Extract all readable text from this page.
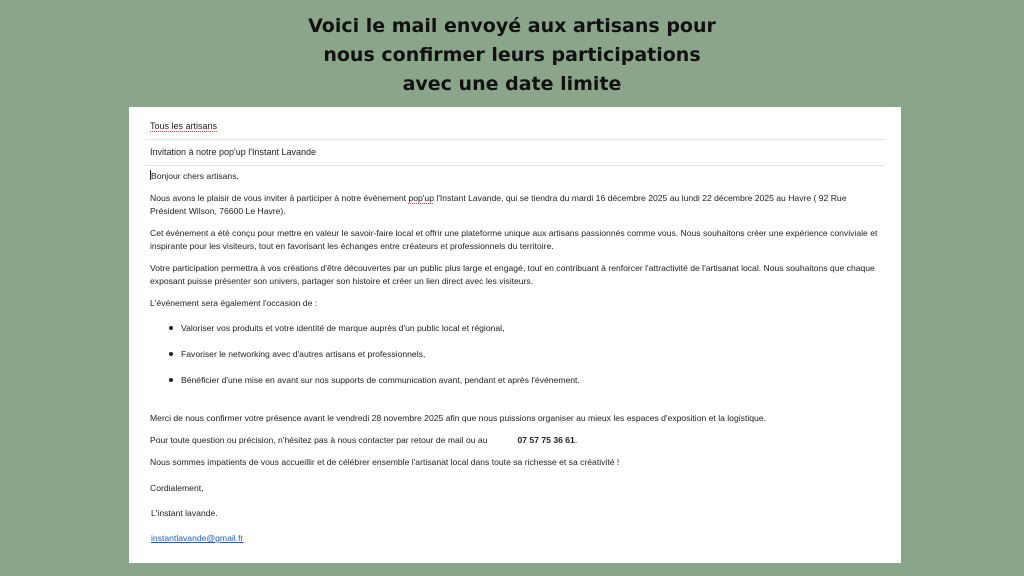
Voici le mail envoyé aux artisans pour
nous confirmer leurs participations
avec une date limite
Tous les artisans
Invitation à notre pop'up l'Instant Lavande

Bonjour chers artisans,

Nous avons le plaisir de vous inviter à participer à notre événement pop'up l'Instant Lavande, qui se tiendra du mardi 16 décembre 2025 au lundi 22 décembre 2025 au Havre ( 92 Rue Président Wilson, 76600 Le Havre).

Cet événement a été conçu pour mettre en valeur le savoir-faire local et offrir une plateforme unique aux artisans passionnés comme vous. Nous souhaitons créer une expérience conviviale et inspirante pour les visiteurs, tout en favorisant les échanges entre créateurs et professionnels du territoire.

Votre participation permettra à vos créations d'être découvertes par un public plus large et engagé, tout en contribuant à renforcer l'attractivité de l'artisanat local. Nous souhaitons que chaque exposant puisse présenter son univers, partager son histoire et créer un lien direct avec les visiteurs.

L'événement sera également l'occasion de :

Valoriser vos produits et votre identité de marque auprès d'un public local et régional,
Favoriser le networking avec d'autres artisans et professionnels,
Bénéficier d'une mise en avant sur nos supports de communication avant, pendant et après l'événement.

Merci de nous confirmer votre présence avant le vendredi 28 novembre 2025 afin que nous puissions organiser au mieux les espaces d'exposition et la logistique.

Pour toute question ou précision, n'hésitez pas à nous contacter par retour de mail ou au	07 57 75 36 61.

Nous sommes impatients de vous accueillir et de célébrer ensemble l'artisanat local dans toute sa richesse et sa créativité !

Cordialement,

L'instant lavande.

instantlavande@gmail.fr
